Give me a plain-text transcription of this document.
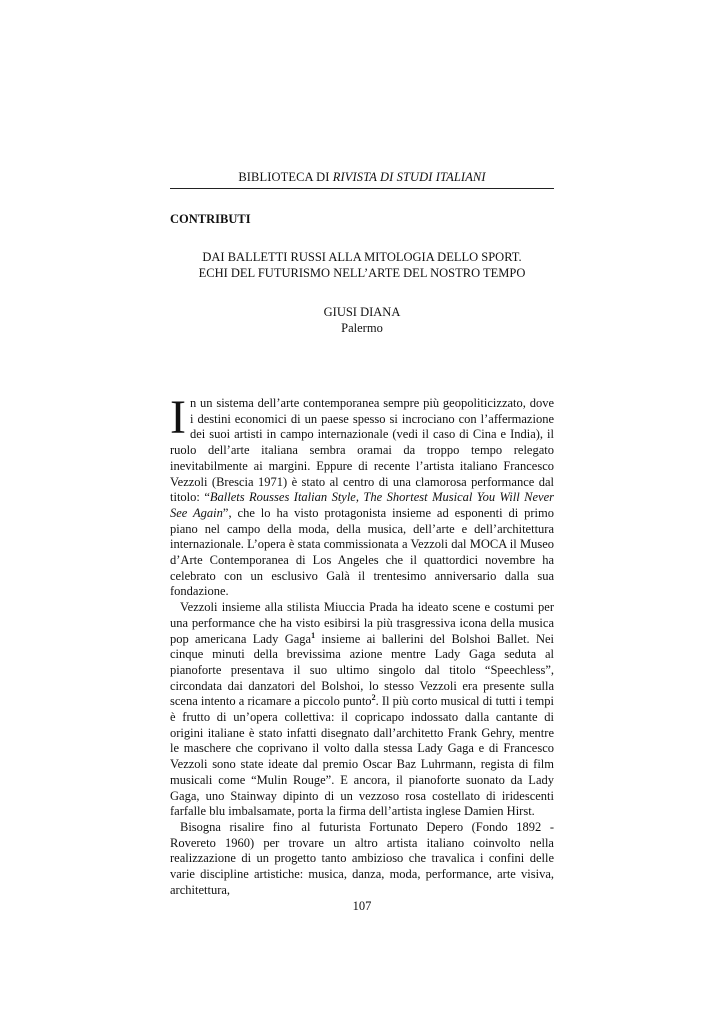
BIBLIOTECA DI RIVISTA DI STUDI ITALIANI
CONTRIBUTI
DAI BALLETTI RUSSI ALLA MITOLOGIA DELLO SPORT.
ECHI DEL FUTURISMO NELL’ARTE DEL NOSTRO TEMPO
GIUSI DIANA
Palermo

In un sistema dell’arte contemporanea sempre più geopoliticizzato, dove i destini economici di un paese spesso si incrociano con l’affermazione dei suoi artisti in campo internazionale (vedi il caso di Cina e India), il ruolo dell’arte italiana sembra oramai da troppo tempo relegato inevitabilmente ai margini. Eppure di recente l’artista italiano Francesco Vezzoli (Brescia 1971) è stato al centro di una clamorosa performance dal titolo: “Ballets Rousses Italian Style, The Shortest Musical You Will Never See Again”, che lo ha visto protagonista insieme ad esponenti di primo piano nel campo della moda, della musica, dell’arte e dell’architettura internazionale. L’opera è stata commissionata a Vezzoli dal MOCA il Museo d’Arte Contemporanea di Los Angeles che il quattordici novembre ha celebrato con un esclusivo Galà il trentesimo anniversario dalla sua fondazione.

Vezzoli insieme alla stilista Miuccia Prada ha ideato scene e costumi per una performance che ha visto esibirsi la più trasgressiva icona della musica pop americana Lady Gaga$^1$ insieme ai ballerini del Bolshoi Ballet. Nei cinque minuti della brevissima azione mentre Lady Gaga seduta al pianoforte presentava il suo ultimo singolo dal titolo “Speechless”, circondata dai danzatori del Bolshoi, lo stesso Vezzoli era presente sulla scena intento a ricamare a piccolo punto$^2$. Il più corto musical di tutti i tempi è frutto di un’opera collettiva: il copricapo indossato dalla cantante di origini italiane è stato infatti disegnato dall’architetto Frank Gehry, mentre le maschere che coprivano il volto dalla stessa Lady Gaga e di Francesco Vezzoli sono state ideate dal premio Oscar Baz Luhrmann, regista di film musicali come “Mulin Rouge”. E ancora, il pianoforte suonato da Lady Gaga, uno Stainway dipinto di un vezzoso rosa costellato di iridescenti farfalle blu imbalsamate, porta la firma dell’artista inglese Damien Hirst.

Bisogna risalire fino al futurista Fortunato Depero (Fondo 1892 - Rovereto 1960) per trovare un altro artista italiano coinvolto nella realizzazione di un progetto tanto ambizioso che travalica i confini delle varie discipline artistiche: musica, danza, moda, performance, arte visiva, architettura,

107
